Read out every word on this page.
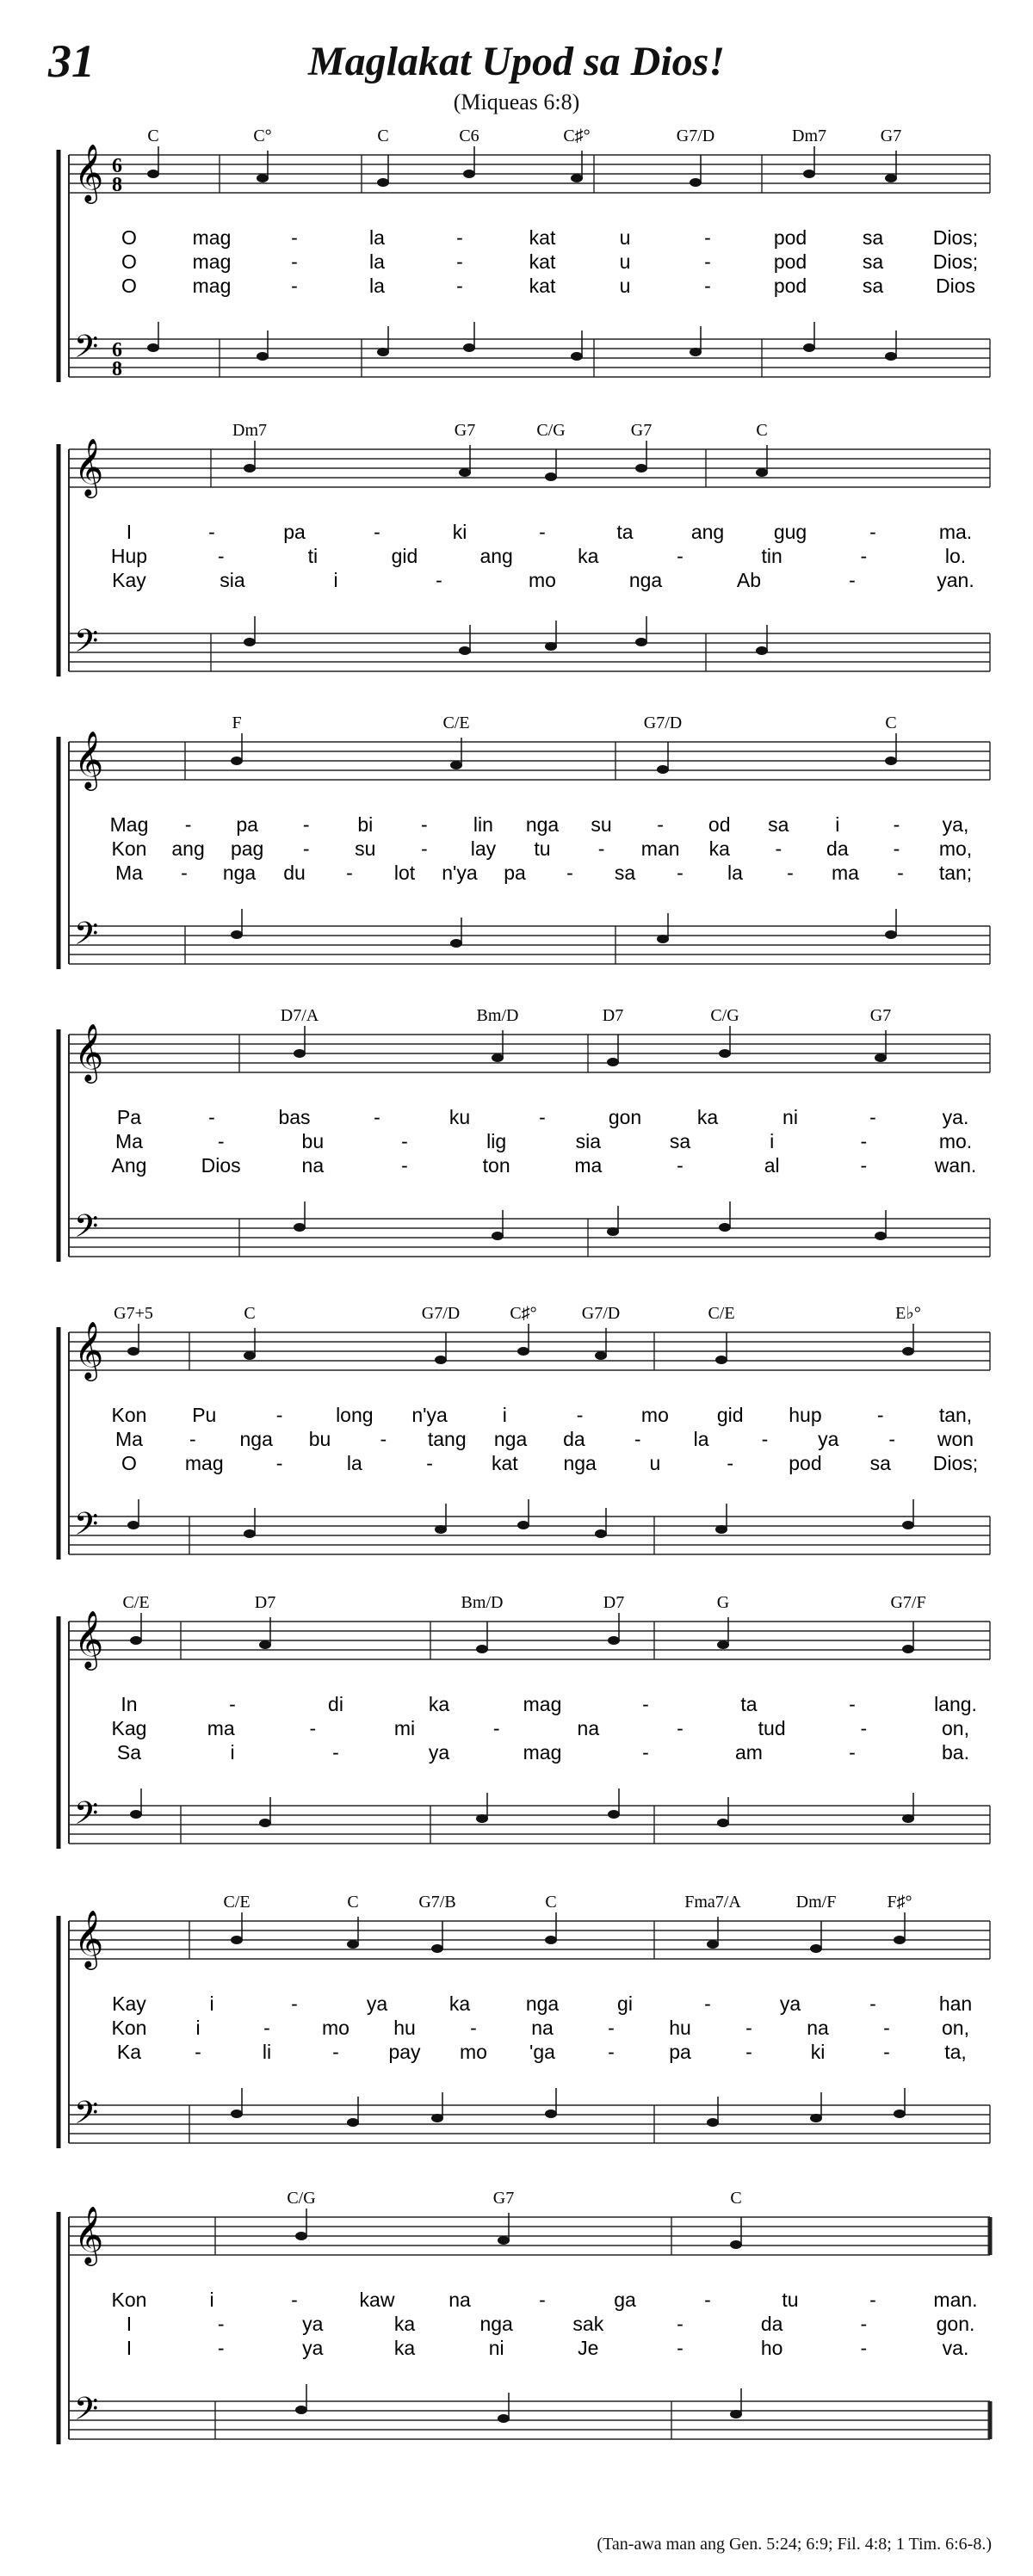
31	Maglakat Upod sa Dios!
(Miqueas 6:8)
𝄞 6
8
𝄢 6
8
C	C°	C	C6	C♯°	G7/D	Dm7	G7
O	mag	-	la	-	kat	u	-	pod	sa	Dios;
O	mag	-	la	-	kat	u	-	pod	sa	Dios;
O	mag	-	la	-	kat	u	-	pod	sa	Dios
𝄞
𝄢
Dm7	G7	C/G	G7	C
I	-	pa	-	ki	-	ta	ang	gug	-	ma.
Hup	-	ti	gid	ang	ka	-	tin	-	lo.
Kay	sia	i	-	mo	nga	Ab	-	yan.
𝄞
𝄢
F	C/E	G7/D	C
Mag - pa - bi - lin nga su - od sa i	- ya,
Kon ang pag - su - lay tu - man ka - da - mo,
Ma - nga du - lot n'ya pa - sa - la - ma - tan;
𝄞
𝄢
D7/A	Bm/D	D7	C/G	G7
Pa	-	bas	-	ku	-	gon	ka	ni	-	ya.
Ma	-	bu	-	lig	sia	sa	i	-	mo.
Ang	Dios	na	-	ton	ma	-	al	-	wan.
𝄞
𝄢
G7+5	C	G7/D	C♯°	G7/D	C/E	E♭°
Kon Pu	-	long n'ya	i	-	mo gid hup	-	tan,
Ma - nga bu - tang nga da -	la	-	ya	- won
O mag	-	la	-	kat nga	u	-	pod sa Dios;
𝄞
𝄢
C/E	D7	Bm/D	D7	G	G7/F
In	-	di	ka	mag	-	ta	-	lang.
Kag	ma	-	mi	-	na	-	tud	-	on,
Sa	i	-	ya	mag	-	am	-	ba.
𝄞
𝄢
C/E	C	G7/B	C	Fma7/A	Dm/F	F♯°
Kay	i	-	ya	ka	nga	gi	-	ya	-	han
Kon i	-	mo hu	-	na	-	hu	-	na	-	on,
Ka	-	li	-	pay mo 'ga	-	pa	-	ki	-	ta,
𝄞
𝄢
C/G	G7	C
Kon	i	-	kaw	na	-	ga	-	tu	-	man.
I	-	ya	ka	nga	sak	-	da	-	gon.
I	-	ya	ka	ni	Je	-	ho	-	va.
(Tan-awa man ang Gen. 5:24; 6:9; Fil. 4:8; 1 Tim. 6:6-8.)
